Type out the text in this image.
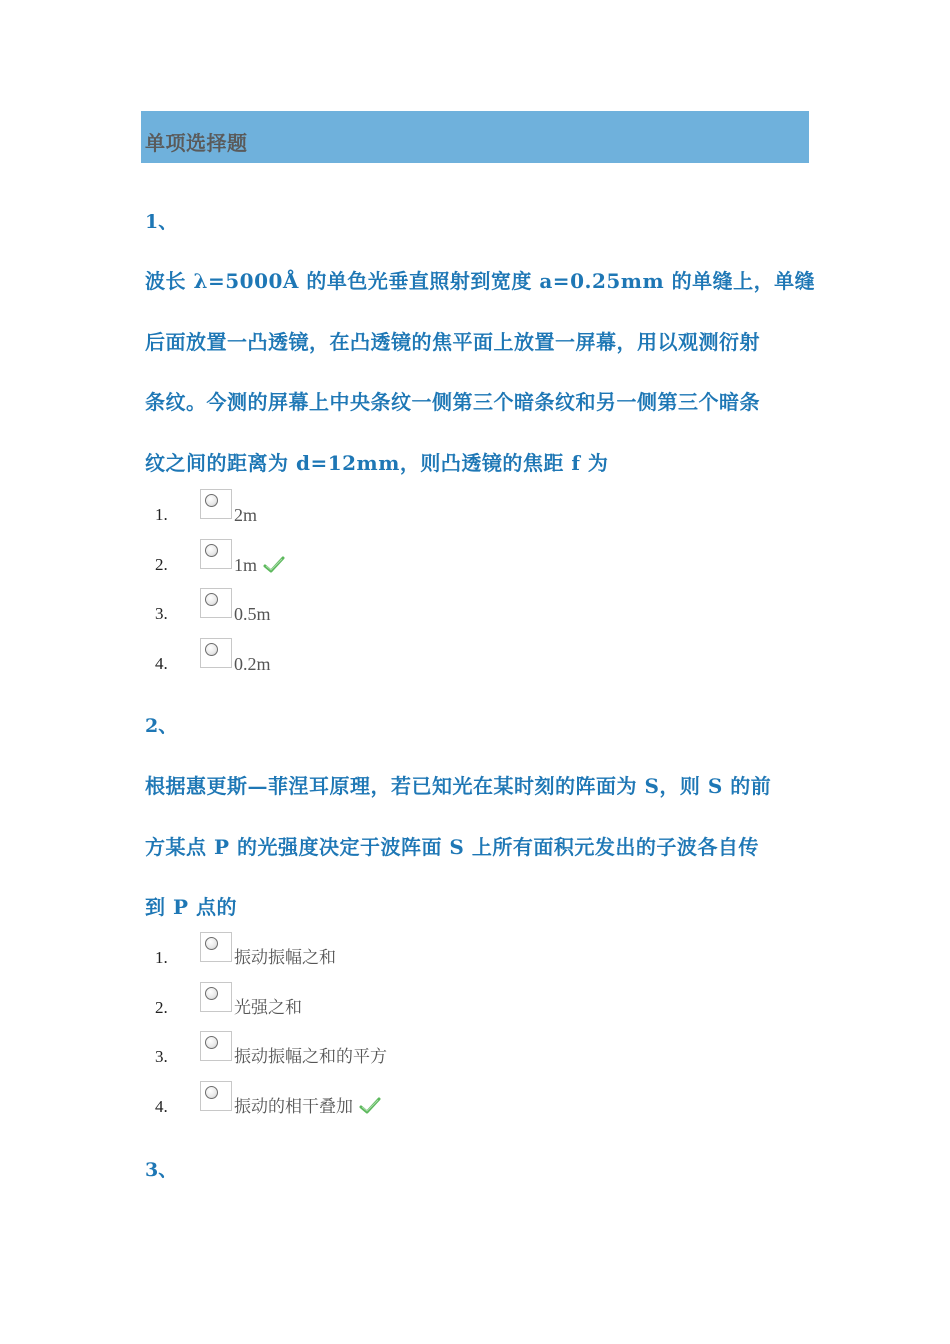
单项选择题
1、
波长 λ=5000Å 的单色光垂直照射到宽度 a=0.25mm 的单缝上，单缝
后面放置一凸透镜，在凸透镜的焦平面上放置一屏幕，用以观测衍射
条纹。今测的屏幕上中央条纹一侧第三个暗条纹和另一侧第三个暗条
纹之间的距离为 d=12mm，则凸透镜的焦距 f 为
1.	2m
2.	1m
3.	0.5m
4.	0.2m
2、
根据惠更斯—菲涅耳原理，若已知光在某时刻的阵面为 S，则 S 的前
方某点 P 的光强度决定于波阵面 S 上所有面积元发出的子波各自传
到 P 点的
1.	振动振幅之和
2.	光强之和
3.	振动振幅之和的平方
4.	振动的相干叠加
3、
